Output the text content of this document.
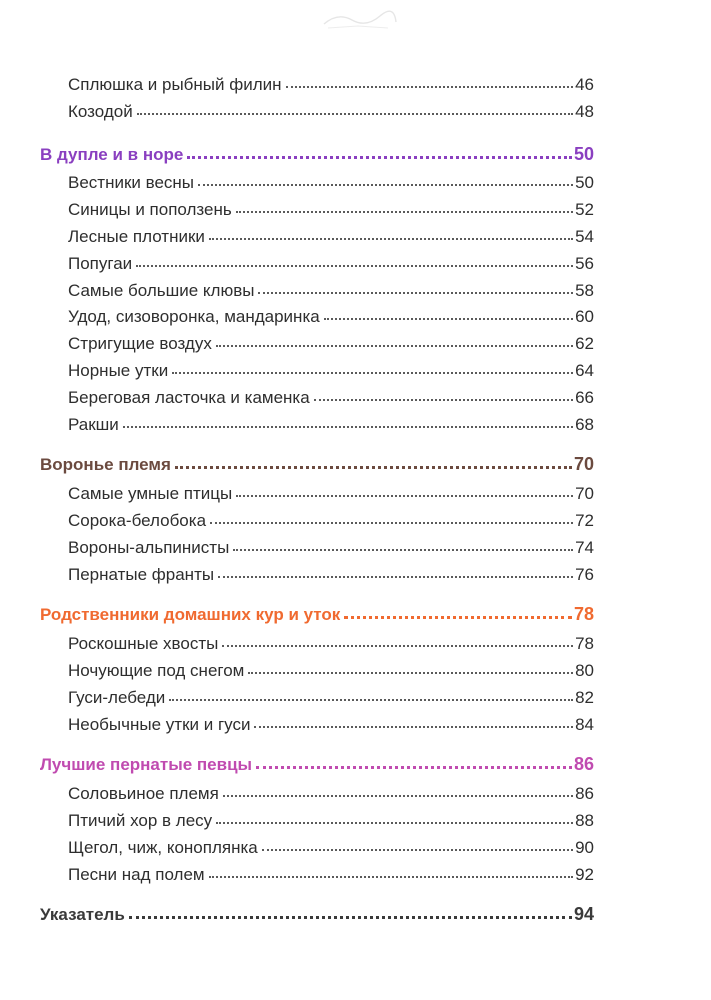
Сплюшка и рыбный филин	46
Козодой	48
В дупле и в норе	50
Вестники весны	50
Синицы и поползень	52
Лесные плотники	54
Попугаи	56
Самые большие клювы	58
Удод, сизоворонка, мандаринка	60
Стригущие воздух	62
Норные утки	64
Береговая ласточка и каменка	66
Ракши	68
Воронье племя	70
Самые умные птицы	70
Сорока-белобока	72
Вороны-альпинисты	74
Пернатые франты	76
Родственники домашних кур и уток	78
Роскошные хвосты	78
Ночующие под снегом	80
Гуси-лебеди	82
Необычные утки и гуси	84
Лучшие пернатые певцы	86
Соловьиное племя	86
Птичий хор в лесу	88
Щегол, чиж, коноплянка	90
Песни над полем	92
Указатель	94
